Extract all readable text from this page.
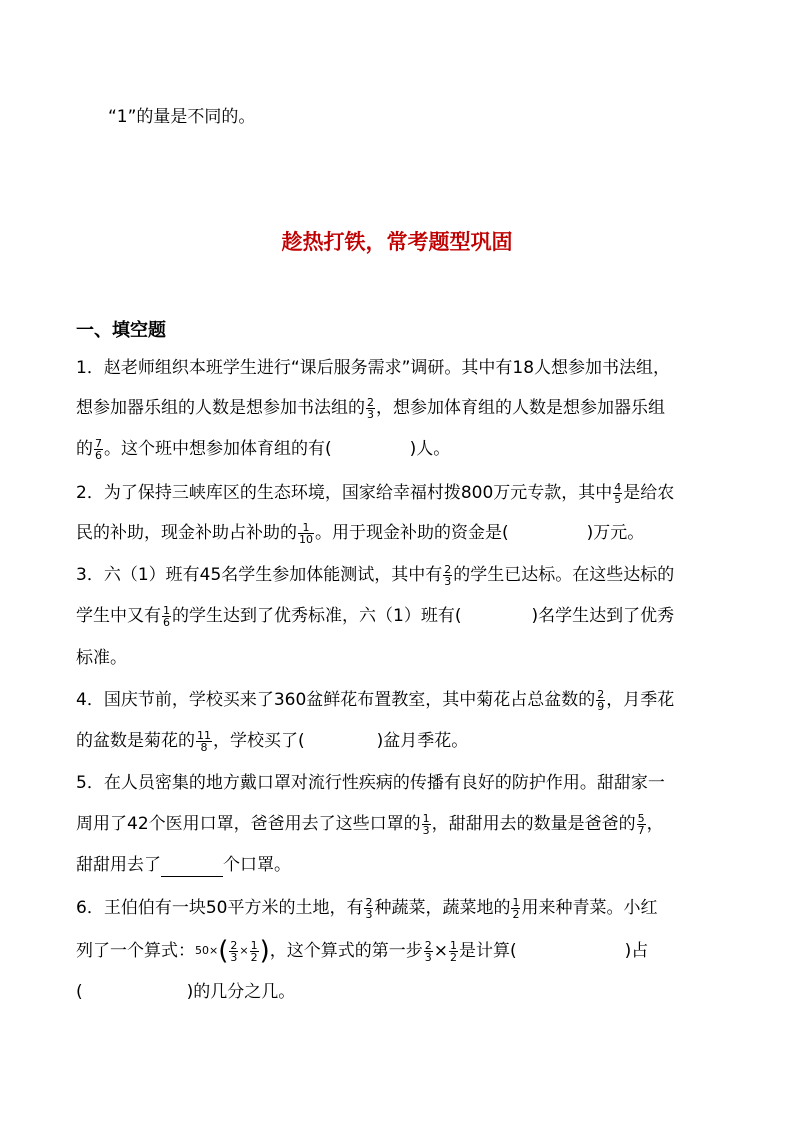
“1”的量是不同的。
趁热打铁，常考题型巩固
一、填空题
1．赵老师组织本班学生进行“课后服务需求”调研。其中有18人想参加书法组，
想参加器乐组的人数是想参加书法组的 $\frac{2}{3}$ ，想参加体育组的人数是想参加器乐组
的 $\frac{7}{6}$ 。这个班中想参加体育组的有(	)人。
2．为了保持三峡库区的生态环境，国家给幸福村拨800万元专款，其中 $\frac{4}{5}$ 是给农
民的补助，现金补助占补助的 $\frac{1}{10}$ 。用于现金补助的资金是(	)万元。
3．六（1）班有45名学生参加体能测试，其中有 $\frac{2}{3}$ 的学生已达标。在这些达标的
学生中又有 $\frac{1}{6}$ 的学生达到了优秀标准，六（1）班有(	)名学生达到了优秀
标准。
4．国庆节前，学校买来了360盆鲜花布置教室，其中菊花占总盆数的 $\frac{2}{9}$ ，月季花
的盆数是菊花的 $\frac{11}{8}$ ，学校买了(	)盆月季花。
5．在人员密集的地方戴口罩对流行性疾病的传播有良好的防护作用。甜甜家一
周用了42个医用口罩，爸爸用去了这些口罩的 $\frac{1}{3}$ ，甜甜用去的数量是爸爸的 $\frac{5}{7}$ ，
甜甜用去了	个口罩。
6．王伯伯有一块50平方米的土地，有 $\frac{2}{3}$ 种蔬菜，蔬菜地的 $\frac{1}{2}$ 用来种青菜。小红
列了一个算式：$50\times( \frac{2}{3} \times \frac{1}{2}$ )，这个算式的第一步 $\frac{2}{3} \times \frac{1}{2}$ 是计算(	)占
(	)的几分之几。
